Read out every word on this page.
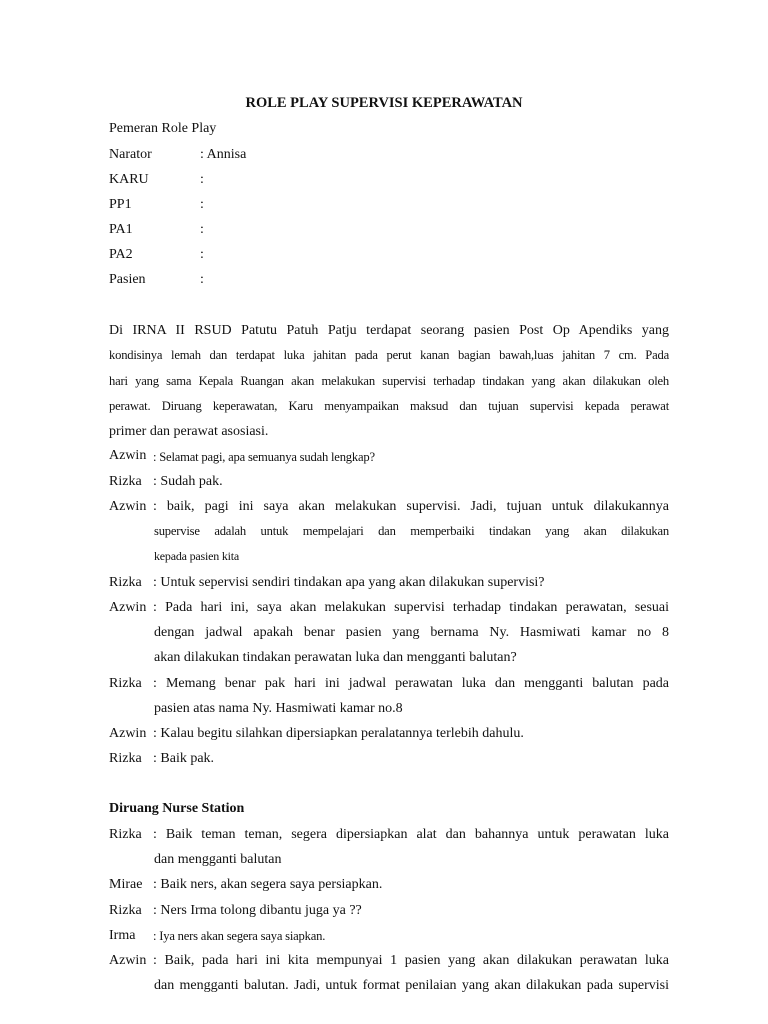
ROLE PLAY SUPERVISI KEPERAWATAN
Pemeran Role Play
Narator	: Annisa
KARU	:
PP1	:
PA1	:
PA2	:
Pasien	:
Di IRNA II RSUD Patutu Patuh Patju terdapat seorang pasien Post Op Apendiks yang
kondisinya lemah dan terdapat luka jahitan pada perut kanan bagian bawah,luas jahitan 7 cm. Pada
hari yang sama Kepala Ruangan akan melakukan supervisi terhadap tindakan yang akan dilakukan oleh
perawat. Diruang keperawatan, Karu menyampaikan maksud dan tujuan supervisi kepada perawat
primer dan perawat asosiasi.
Azwin : Selamat pagi, apa semuanya sudah lengkap?
Rizka : Sudah pak.
Azwin : baik, pagi ini saya akan melakukan supervisi. Jadi, tujuan untuk dilakukannya
supervise adalah untuk mempelajari dan memperbaiki tindakan yang akan dilakukan
kepada pasien kita
Rizka : Untuk sepervisi sendiri tindakan apa yang akan dilakukan supervisi?
Azwin : Pada hari ini, saya akan melakukan supervisi terhadap tindakan perawatan, sesuai
dengan jadwal apakah benar pasien yang bernama Ny. Hasmiwati kamar no 8
akan dilakukan tindakan perawatan luka dan mengganti balutan?
Rizka : Memang benar pak hari ini jadwal perawatan luka dan mengganti balutan pada
pasien atas nama Ny. Hasmiwati kamar no.8
Azwin : Kalau begitu silahkan dipersiapkan peralatannya terlebih dahulu.
Rizka : Baik pak.
Diruang Nurse Station
Rizka : Baik teman teman, segera dipersiapkan alat dan bahannya untuk perawatan luka
dan mengganti balutan
Mirae : Baik ners, akan segera saya persiapkan.
Rizka : Ners Irma tolong dibantu juga ya ??
Irma	: Iya ners akan segera saya siapkan.
Azwin : Baik, pada hari ini kita mempunyai 1 pasien yang akan dilakukan perawatan luka
dan mengganti balutan. Jadi, untuk format penilaian yang akan dilakukan pada supervisi
